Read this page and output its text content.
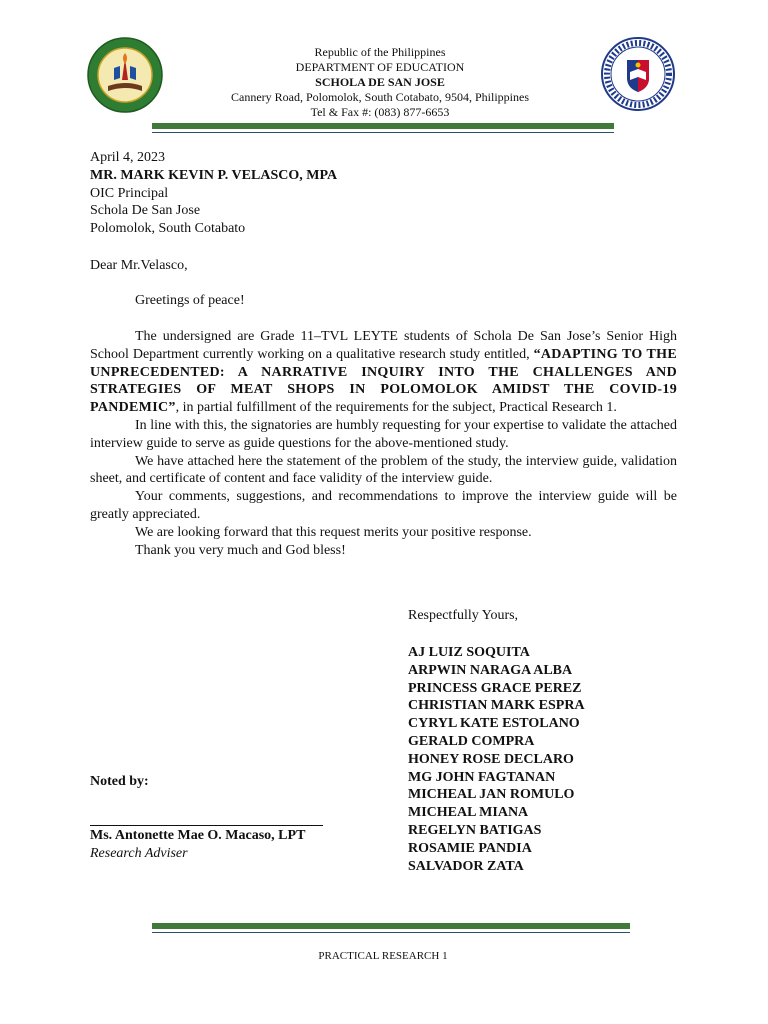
Republic of the Philippines
DEPARTMENT OF EDUCATION
SCHOLA DE SAN JOSE
Cannery Road, Polomolok, South Cotabato, 9504, Philippines
Tel & Fax #: (083) 877-6653
April 4, 2023
MR. MARK KEVIN P. VELASCO, MPA
OIC Principal
Schola De San Jose
Polomolok, South Cotabato
Dear Mr.Velasco,

Greetings of peace!

The undersigned are Grade 11–TVL LEYTE students of Schola De San Jose’s Senior High School Department currently working on a qualitative research study entitled, “ADAPTING TO THE UNPRECEDENTED: A NARRATIVE INQUIRY INTO THE CHALLENGES AND STRATEGIES OF MEAT SHOPS IN POLOMOLOK AMIDST THE COVID-19 PANDEMIC”, in partial fulfillment of the requirements for the subject, Practical Research 1.

In line with this, the signatories are humbly requesting for your expertise to validate the attached interview guide to serve as guide questions for the above-mentioned study.

We have attached here the statement of the problem of the study, the interview guide, validation sheet, and certificate of content and face validity of the interview guide.

Your comments, suggestions, and recommendations to improve the interview guide will be greatly appreciated.

We are looking forward that this request merits your positive response.

Thank you very much and God bless!

Respectfully Yours,
AJ LUIZ SOQUITA
ARPWIN NARAGA ALBA
PRINCESS GRACE PEREZ
CHRISTIAN MARK ESPRA
CYRYL KATE ESTOLANO
GERALD COMPRA
HONEY ROSE DECLARO
MG JOHN FAGTANAN
MICHEAL JAN ROMULO
MICHEAL MIANA
REGELYN BATIGAS
ROSAMIE PANDIA
SALVADOR ZATA
Noted by:
Ms. Antonette Mae O. Macaso, LPT
Research Adviser
PRACTICAL RESEARCH 1
